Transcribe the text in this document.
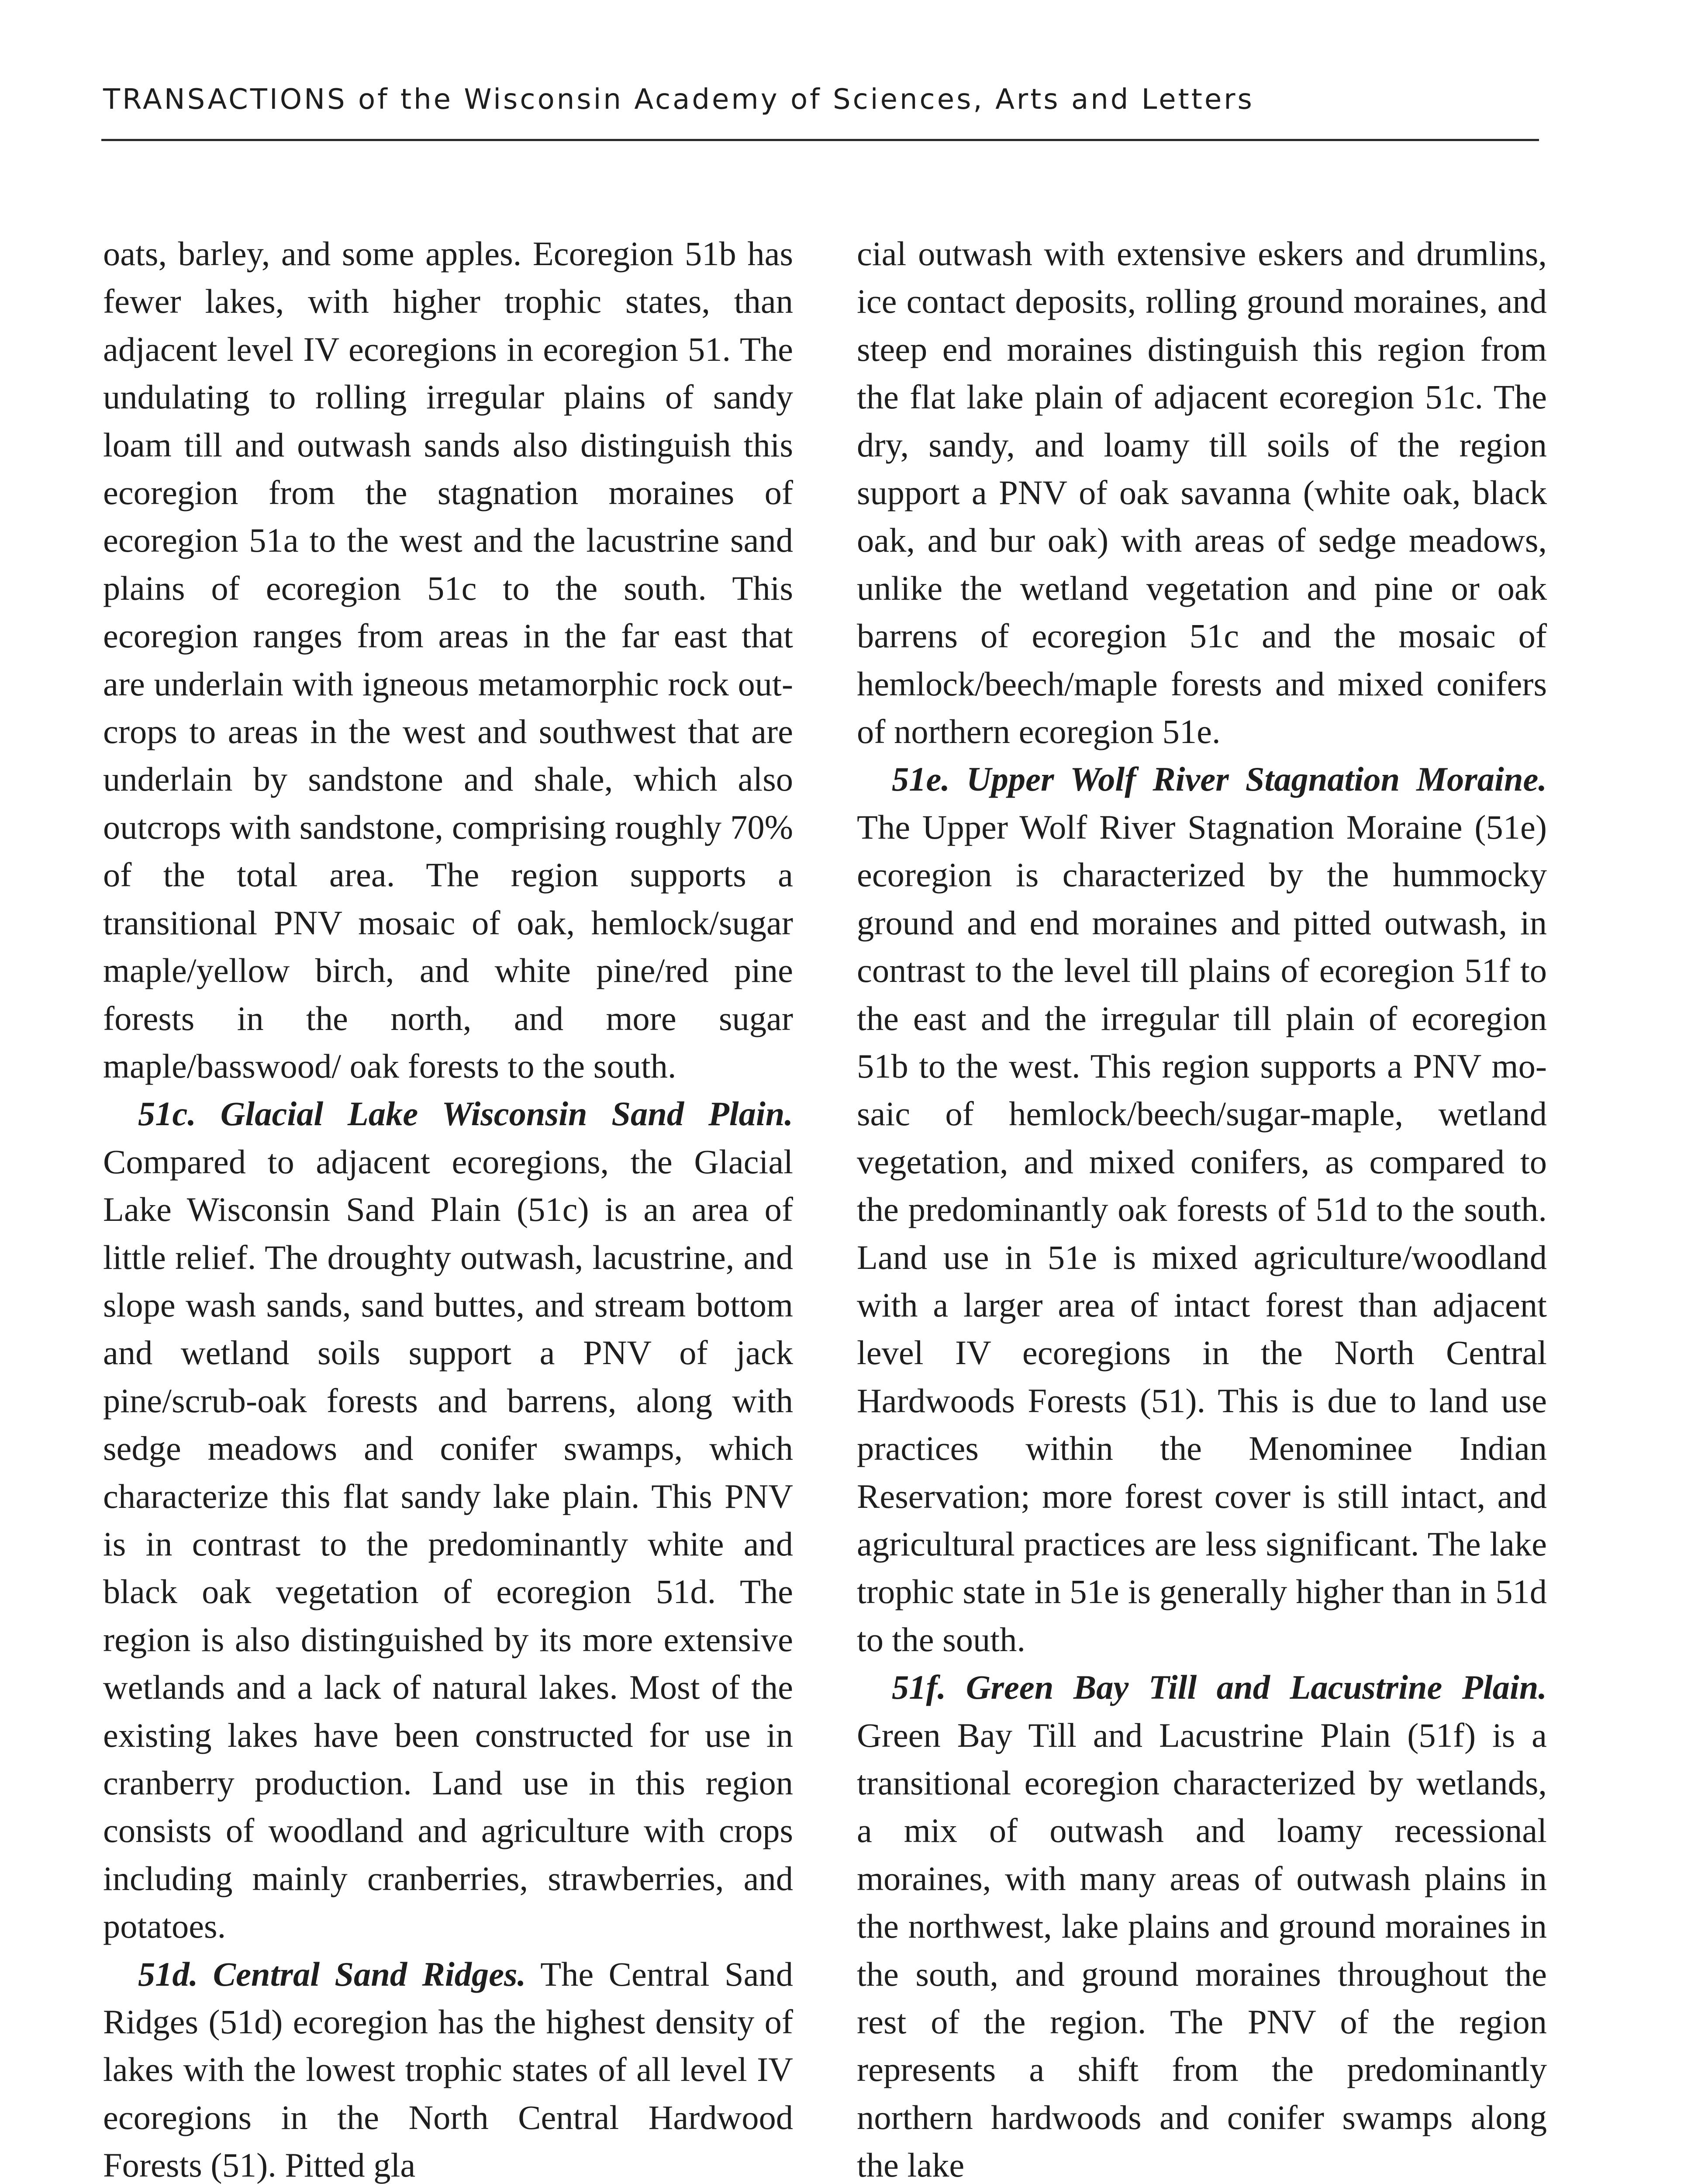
TRANSACTIONS of the Wisconsin Academy of Sciences, Arts and Letters

oats, barley, and some apples. Ecoregion 51b has fewer lakes, with higher trophic states, than adjacent level IV ecoregions in ecoregion 51. The undulating to rolling irregular plains of sandy loam till and outwash sands also distinguish this ecoregion from the stagnation moraines of ecoregion 51a to the west and the lacustrine sand plains of ecoregion 51c to the south. This ecoregion ranges from areas in the far east that are underlain with igneous metamorphic rock outcrops to areas in the west and southwest that are underlain by sandstone and shale, which also outcrops with sandstone, comprising roughly 70% of the total area. The region supports a transitional PNV mosaic of oak, hemlock/sugar maple/yellow birch, and white pine/red pine forests in the north, and more sugar maple/basswood/ oak forests to the south.

51c. Glacial Lake Wisconsin Sand Plain. Compared to adjacent ecoregions, the Glacial Lake Wisconsin Sand Plain (51c) is an area of little relief. The droughty outwash, lacustrine, and slope wash sands, sand buttes, and stream bottom and wetland soils support a PNV of jack pine/scrub-oak forests and barrens, along with sedge meadows and conifer swamps, which characterize this flat sandy lake plain. This PNV is in contrast to the predominantly white and black oak vegetation of ecoregion 51d. The region is also distinguished by its more extensive wetlands and a lack of natural lakes. Most of the existing lakes have been constructed for use in cranberry production. Land use in this region consists of woodland and agriculture with crops including mainly cranberries, strawberries, and potatoes.

51d. Central Sand Ridges. The Central Sand Ridges (51d) ecoregion has the highest density of lakes with the lowest trophic states of all level IV ecoregions in the North Central Hardwood Forests (51). Pitted gla

cial outwash with extensive eskers and drumlins, ice contact deposits, rolling ground moraines, and steep end moraines distinguish this region from the flat lake plain of adjacent ecoregion 51c. The dry, sandy, and loamy till soils of the region support a PNV of oak savanna (white oak, black oak, and bur oak) with areas of sedge meadows, unlike the wetland vegetation and pine or oak barrens of ecoregion 51c and the mosaic of hemlock/beech/maple forests and mixed conifers of northern ecoregion 51e.

51e. Upper Wolf River Stagnation Moraine. The Upper Wolf River Stagnation Moraine (51e) ecoregion is characterized by the hummocky ground and end moraines and pitted outwash, in contrast to the level till plains of ecoregion 51f to the east and the irregular till plain of ecoregion 51b to the west. This region supports a PNV mosaic of hemlock/beech/sugar-maple, wetland vegetation, and mixed conifers, as compared to the predominantly oak forests of 51d to the south. Land use in 51e is mixed agriculture/woodland with a larger area of intact forest than adjacent level IV ecoregions in the North Central Hardwoods Forests (51). This is due to land use practices within the Menominee Indian Reservation; more forest cover is still intact, and agricultural practices are less significant. The lake trophic state in 51e is generally higher than in 51d to the south.

51f. Green Bay Till and Lacustrine Plain. Green Bay Till and Lacustrine Plain (51f) is a transitional ecoregion characterized by wetlands, a mix of outwash and loamy recessional moraines, with many areas of outwash plains in the northwest, lake plains and ground moraines in the south, and ground moraines throughout the rest of the region. The PNV of the region represents a shift from the predominantly northern hardwoods and conifer swamps along the lake
